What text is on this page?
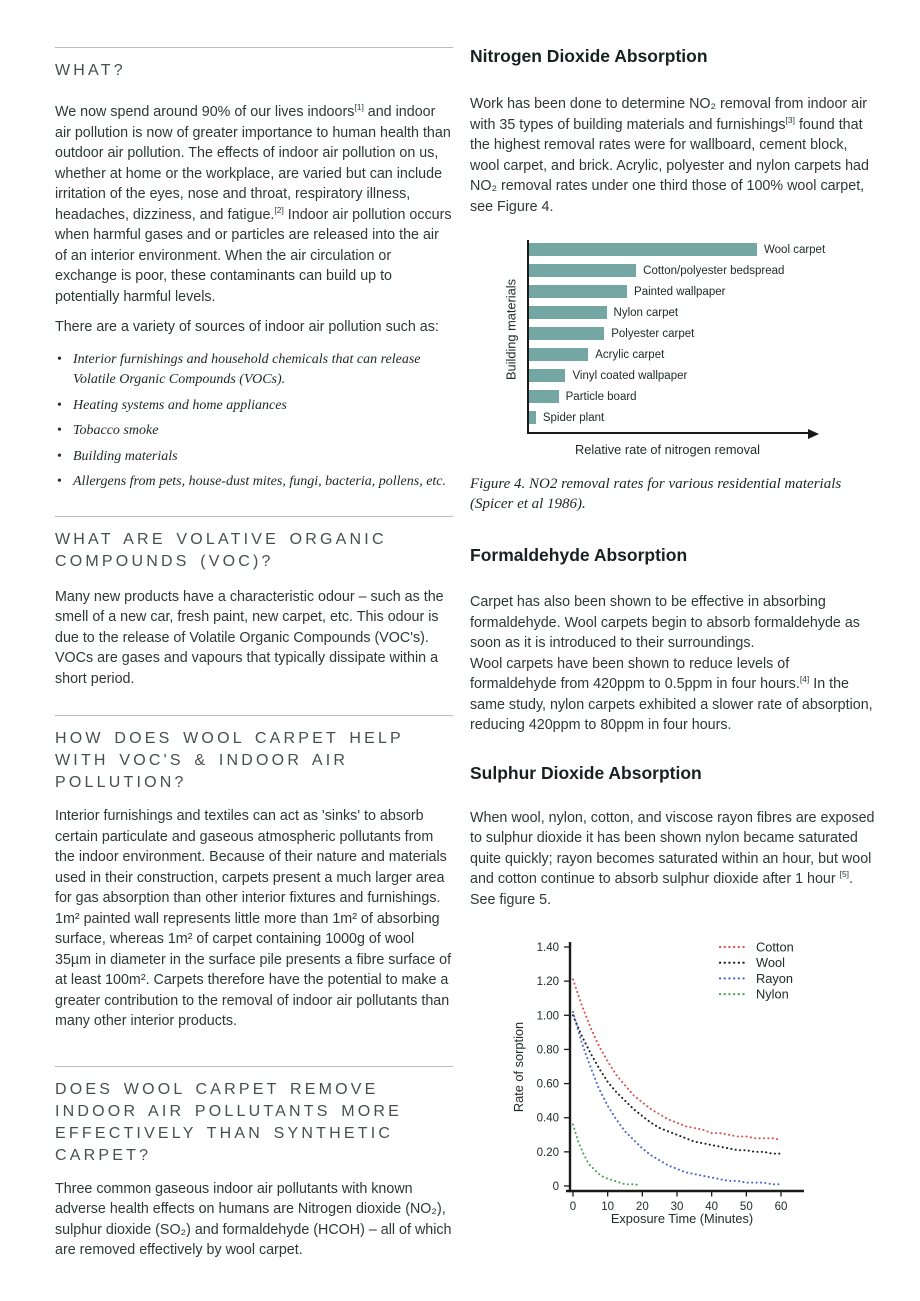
WHAT?

We now spend around 90% of our lives indoors[1] and indoor air pollution is now of greater importance to human health than outdoor air pollution. The effects of indoor air pollution on us, whether at home or the workplace, are varied but can include irritation of the eyes, nose and throat, respiratory illness, headaches, dizziness, and fatigue.[2] Indoor air pollution occurs when harmful gases and or particles are released into the air of an interior environment. When the air circulation or exchange is poor, these contaminants can build up to potentially harmful levels.

There are a variety of sources of indoor air pollution such as:

• Interior furnishings and household chemicals that can release Volatile Organic Compounds (VOCs).
• Heating systems and home appliances
• Tobacco smoke
• Building materials
• Allergens from pets, house-dust mites, fungi, bacteria, pollens, etc.
WHAT ARE VOLATIVE ORGANIC COMPOUNDS (VOC)?

Many new products have a characteristic odour – such as the smell of a new car, fresh paint, new carpet, etc. This odour is due to the release of Volatile Organic Compounds (VOC's). VOCs are gases and vapours that typically dissipate within a short period.

HOW DOES WOOL CARPET HELP WITH VOC'S & INDOOR AIR POLLUTION?

Interior furnishings and textiles can act as 'sinks' to absorb certain particulate and gaseous atmospheric pollutants from the indoor environment. Because of their nature and materials used in their construction, carpets present a much larger area for gas absorption than other interior fixtures and furnishings. 1m² painted wall represents little more than 1m² of absorbing surface, whereas 1m² of carpet containing 1000g of wool 35µm in diameter in the surface pile presents a fibre surface of at least 100m². Carpets therefore have the potential to make a greater contribution to the removal of indoor air pollutants than many other interior products.

DOES WOOL CARPET REMOVE INDOOR AIR POLLUTANTS MORE EFFECTIVELY THAN SYNTHETIC CARPET?

Three common gaseous indoor air pollutants with known adverse health effects on humans are Nitrogen dioxide (NO₂), sulphur dioxide (SO₂) and formaldehyde (HCOH) – all of which are removed effectively by wool carpet.

Nitrogen Dioxide Absorption

Work has been done to determine NO₂ removal from indoor air with 35 types of building materials and furnishings[3] found that the highest removal rates were for wallboard, cement block, wool carpet, and brick. Acrylic, polyester and nylon carpets had NO₂ removal rates under one third those of 100% wool carpet, see Figure 4.

Building materials
Wool carpet
Cotton/polyester bedspread
Painted wallpaper
Nylon carpet
Polyester carpet
Acrylic carpet
Vinyl coated wallpaper
Particle board
Spider plant
Relative rate of nitrogen removal

Figure 4. NO2 removal rates for various residential materials (Spicer et al 1986).

Formaldehyde Absorption

Carpet has also been shown to be effective in absorbing formaldehyde. Wool carpets begin to absorb formaldehyde as soon as it is introduced to their surroundings.
Wool carpets have been shown to reduce levels of formaldehyde from 420ppm to 0.5ppm in four hours.[4] In the same study, nylon carpets exhibited a slower rate of absorption, reducing 420ppm to 80ppm in four hours.

Sulphur Dioxide Absorption

When wool, nylon, cotton, and viscose rayon fibres are exposed to sulphur dioxide it has been shown nylon became saturated quite quickly; rayon becomes saturated within an hour, but wool and cotton continue to absorb sulphur dioxide after 1 hour [5]. See figure 5.

1.40
1.20
1.00
0.80
0.60
0.40
0.20
0
0 10 20 30 40 50 60
Cotton
Wool
Rayon
Nylon
Exposure Time (Minutes)
Rate of sorption
